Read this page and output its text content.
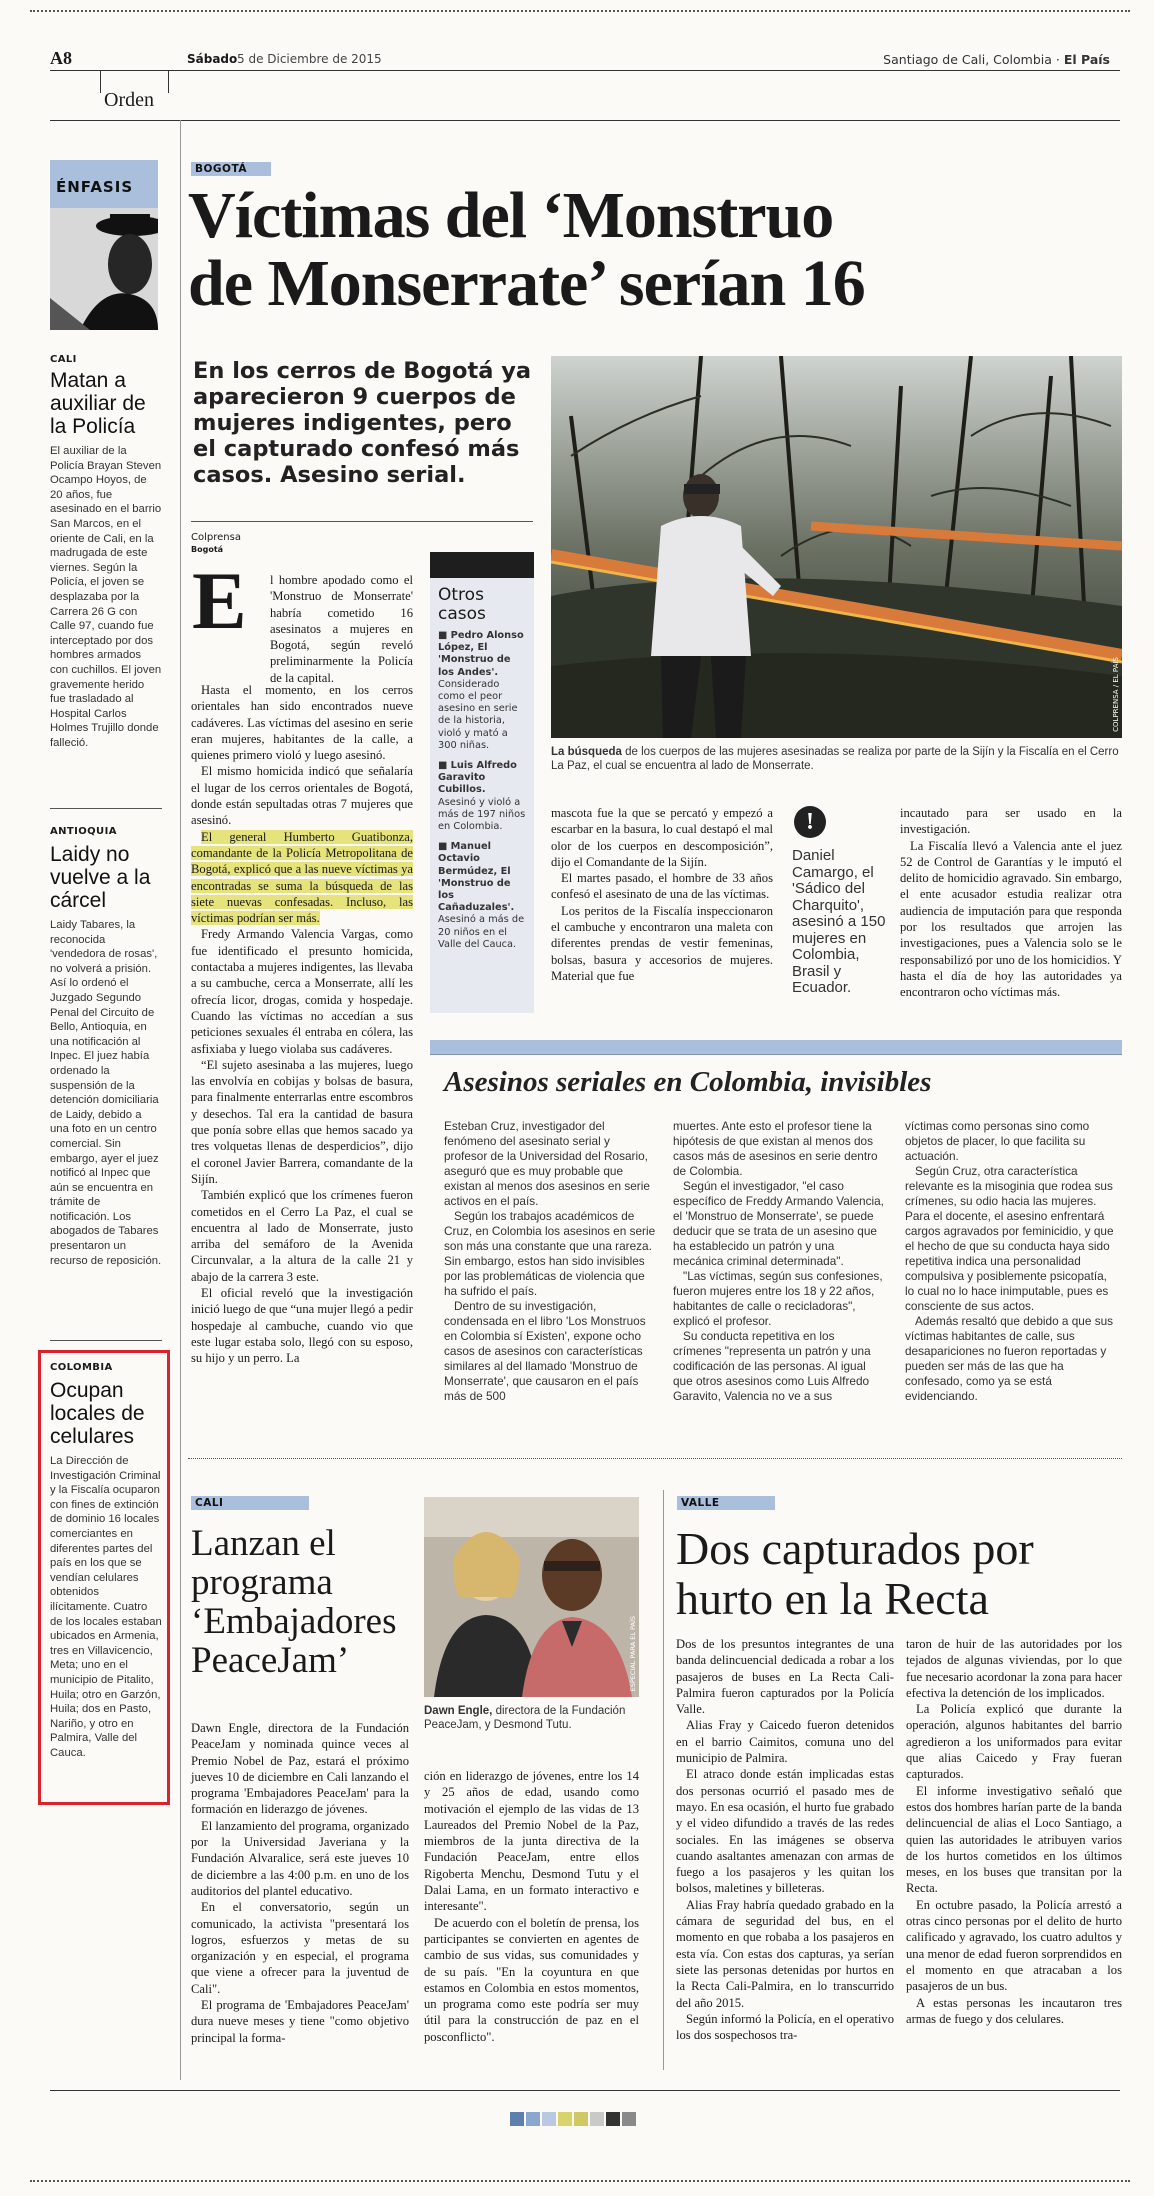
A8	Sábado 5 de Diciembre de 2015	Santiago de Cali, Colombia · El País
Orden
ÉNFASIS
CALI
Matan a auxiliar de la Policía

El auxiliar de la Policía Brayan Steven Ocampo Hoyos, de 20 años, fue asesinado en el barrio San Marcos, en el oriente de Cali, en la madrugada de este viernes. Según la Policía, el joven se desplazaba por la Carrera 26 G con Calle 97, cuando fue interceptado por dos hombres armados con cuchillos. El joven gravemente herido fue trasladado al Hospital Carlos Holmes Trujillo donde falleció.

ANTIOQUIA
Laidy no vuelve a la cárcel

Laidy Tabares, la reconocida 'vendedora de rosas', no volverá a prisión. Así lo ordenó el Juzgado Segundo Penal del Circuito de Bello, Antioquia, en una notificación al Inpec. El juez había ordenado la suspensión de la detención domiciliaria de Laidy, debido a una foto en un centro comercial. Sin embargo, ayer el juez notificó al Inpec que aún se encuentra en trámite de notificación. Los abogados de Tabares presentaron un recurso de reposición.

COLOMBIA
Ocupan locales de celulares

La Dirección de Investigación Criminal y la Fiscalía ocuparon con fines de extinción de dominio 16 locales comerciantes en diferentes partes del país en los que se vendían celulares obtenidos ilícitamente. Cuatro de los locales estaban ubicados en Armenia, tres en Villavicencio, Meta; uno en el municipio de Pitalito, Huila; otro en Garzón, Huila; dos en Pasto, Nariño, y otro en Palmira, Valle del Cauca.

BOGOTÁ
Víctimas del ‘Monstruo
de Monserrate’ serían 16
En los cerros de Bogotá ya aparecieron 9 cuerpos de mujeres indigentes, pero el capturado confesó más casos. Asesino serial.
Colprensa
Bogotá
E l hombre apodado como el 'Monstruo de Monserrate' habría cometido 16 asesinatos a mujeres en Bogotá, según reveló preliminarmente la Policía de la capital.

Hasta el momento, en los cerros orientales han sido encontrados nueve cadáveres. Las víctimas del asesino en serie eran mujeres, habitantes de la calle, a quienes primero violó y luego asesinó.

El mismo homicida indicó que señalaría el lugar de los cerros orientales de Bogotá, donde están sepultadas otras 7 mujeres que asesinó.

El general Humberto Guatibonza, comandante de la Policía Metropolitana de Bogotá, explicó que a las nueve víctimas ya encontradas se suma la búsqueda de las siete nuevas confesadas. Incluso, las víctimas podrían ser más.

Fredy Armando Valencia Vargas, como fue identificado el presunto homicida, contactaba a mujeres indigentes, las llevaba a su cambuche, cerca a Monserrate, allí les ofrecía licor, drogas, comida y hospedaje. Cuando las víctimas no accedían a sus peticiones sexuales él entraba en cólera, las asfixiaba y luego violaba sus cadáveres.

“El sujeto asesinaba a las mujeres, luego las envolvía en cobijas y bolsas de basura, para finalmente enterrarlas entre escombros y desechos. Tal era la cantidad de basura que ponía sobre ellas que hemos sacado ya tres volquetas llenas de desperdicios”, dijo el coronel Javier Barrera, comandante de la Sijín.

También explicó que los crímenes fueron cometidos en el Cerro La Paz, el cual se encuentra al lado de Monserrate, justo arriba del semáforo de la Avenida Circunvalar, a la altura de la calle 21 y abajo de la carrera 3 este.

El oficial reveló que la investigación inició luego de que “una mujer llegó a pedir hospedaje al cambuche, cuando vio que este lugar estaba solo, llegó con su esposo, su hijo y un perro. La

Otros casos
■ Pedro Alonso López, El 'Monstruo de los Andes'. Considerado como el peor asesino en serie de la historia, violó y mató a 300 niñas.
■ Luis Alfredo Garavito Cubillos. Asesinó y violó a más de 197 niños en Colombia.
■ Manuel Octavio Bermúdez, El 'Monstruo de los Cañaduzales'. Asesinó a más de 20 niños en el Valle del Cauca.
COLPRENSA / EL PAÍS
La búsqueda de los cuerpos de las mujeres asesinadas se realiza por parte de la Sijín y la Fiscalía en el Cerro La Paz, el cual se encuentra al lado de Monserrate.

mascota fue la que se percató y empezó a escarbar en la basura, lo cual destapó el mal olor de los cuerpos en descomposición”, dijo el Comandante de la Sijín.

El martes pasado, el hombre de 33 años confesó el asesinato de una de las víctimas.

Los peritos de la Fiscalía inspeccionaron el cambuche y encontraron una maleta con diferentes prendas de vestir femeninas, bolsas, basura y accesorios de mujeres. Material que fue

!
Daniel Camargo, el 'Sádico del Charquito', asesinó a 150 mujeres en Colombia, Brasil y Ecuador.

incautado para ser usado en la investigación.

La Fiscalía llevó a Valencia ante el juez 52 de Control de Garantías y le imputó el delito de homicidio agravado. Sin embargo, el ente acusador estudia realizar otra audiencia de imputación para que responda por los resultados que arrojen las investigaciones, pues a Valencia solo se le responsabilizó por uno de los homicidios. Y hasta el día de hoy las autoridades ya encontraron ocho víctimas más.

Asesinos seriales en Colombia, invisibles

Esteban Cruz, investigador del fenómeno del asesinato serial y profesor de la Universidad del Rosario, aseguró que es muy probable que existan al menos dos asesinos en serie activos en el país.

Según los trabajos académicos de Cruz, en Colombia los asesinos en serie son más una constante que una rareza. Sin embargo, estos han sido invisibles por las problemáticas de violencia que ha sufrido el país.

Dentro de su investigación, condensada en el libro 'Los Monstruos en Colombia sí Existen', expone ocho casos de asesinos con características similares al del llamado 'Monstruo de Monserrate', que causaron en el país más de 500

muertes. Ante esto el profesor tiene la hipótesis de que existan al menos dos casos más de asesinos en serie dentro de Colombia.

Según el investigador, "el caso específico de Freddy Armando Valencia, el 'Monstruo de Monserrate', se puede deducir que se trata de un asesino que ha establecido un patrón y una mecánica criminal determinada".

"Las víctimas, según sus confesiones, fueron mujeres entre los 18 y 22 años, habitantes de calle o recicladoras", explicó el profesor.

Su conducta repetitiva en los crímenes "representa un patrón y una codificación de las personas. Al igual que otros asesinos como Luis Alfredo Garavito, Valencia no ve a sus

víctimas como personas sino como objetos de placer, lo que facilita su actuación.

Según Cruz, otra característica relevante es la misoginia que rodea sus crímenes, su odio hacia las mujeres. Para el docente, el asesino enfrentará cargos agravados por feminicidio, y que el hecho de que su conducta haya sido repetitiva indica una personalidad compulsiva y posiblemente psicopatía, lo cual no lo hace inimputable, pues es consciente de sus actos.

Además resaltó que debido a que sus víctimas habitantes de calle, sus desapariciones no fueron reportadas y pueden ser más de las que ha confesado, como ya se está evidenciando.

CALI
Lanzan el programa ‘Embajadores PeaceJam’	ESPECIAL PARA EL PAÍS
Dawn Engle, directora de la Fundación PeaceJam, y Desmond Tutu.

Dawn Engle, directora de la Fundación PeaceJam y nominada quince veces al Premio Nobel de Paz, estará el próximo jueves 10 de diciembre en Cali lanzando el programa 'Embajadores PeaceJam' para la formación en liderazgo de jóvenes.

El lanzamiento del programa, organizado por la Universidad Javeriana y la Fundación Alvaralice, será este jueves 10 de diciembre a las 4:00 p.m. en uno de los auditorios del plantel educativo.

En el conversatorio, según un comunicado, la activista "presentará los logros, esfuerzos y metas de su organización y en especial, el programa que viene a ofrecer para la juventud de Cali".

El programa de 'Embajadores PeaceJam' dura nueve meses y tiene "como objetivo principal la forma-

ción en liderazgo de jóvenes, entre los 14 y 25 años de edad, usando como motivación el ejemplo de las vidas de 13 Laureados del Premio Nobel de la Paz, miembros de la junta directiva de la Fundación PeaceJam, entre ellos Rigoberta Menchu, Desmond Tutu y el Dalai Lama, en un formato interactivo e interesante".

De acuerdo con el boletín de prensa, los participantes se convierten en agentes de cambio de sus vidas, sus comunidades y de su país. "En la coyuntura en que estamos en Colombia en estos momentos, un programa como este podría ser muy útil para la construcción de paz en el posconflicto".

VALLE
Dos capturados por
hurto en la Recta

Dos de los presuntos integrantes de una banda delincuencial dedicada a robar a los pasajeros de buses en La Recta Cali-Palmira fueron capturados por la Policía Valle.

Alias Fray y Caicedo fueron detenidos en el barrio Caimitos, comuna uno del municipio de Palmira.

El atraco donde están implicadas estas dos personas ocurrió el pasado mes de mayo. En esa ocasión, el hurto fue grabado y el video difundido a través de las redes sociales. En las imágenes se observa cuando asaltantes amenazan con armas de fuego a los pasajeros y les quitan los bolsos, maletines y billeteras.

Alias Fray habría quedado grabado en la cámara de seguridad del bus, en el momento en que robaba a los pasajeros en esta vía. Con estas dos capturas, ya serían siete las personas detenidas por hurtos en la Recta Cali-Palmira, en lo transcurrido del año 2015.

Según informó la Policía, en el operativo los dos sospechosos tra-

taron de huir de las autoridades por los tejados de algunas viviendas, por lo que fue necesario acordonar la zona para hacer efectiva la detención de los implicados.

La Policía explicó que durante la operación, algunos habitantes del barrio agredieron a los uniformados para evitar que alias Caicedo y Fray fueran capturados.

El informe investigativo señaló que estos dos hombres harían parte de la banda delincuencial de alias el Loco Santiago, a quien las autoridades le atribuyen varios de los hurtos cometidos en los últimos meses, en los buses que transitan por la Recta.

En octubre pasado, la Policía arrestó a otras cinco personas por el delito de hurto calificado y agravado, los cuatro adultos y una menor de edad fueron sorprendidos en el momento en que atracaban a los pasajeros de un bus.

A estas personas les incautaron tres armas de fuego y dos celulares.
